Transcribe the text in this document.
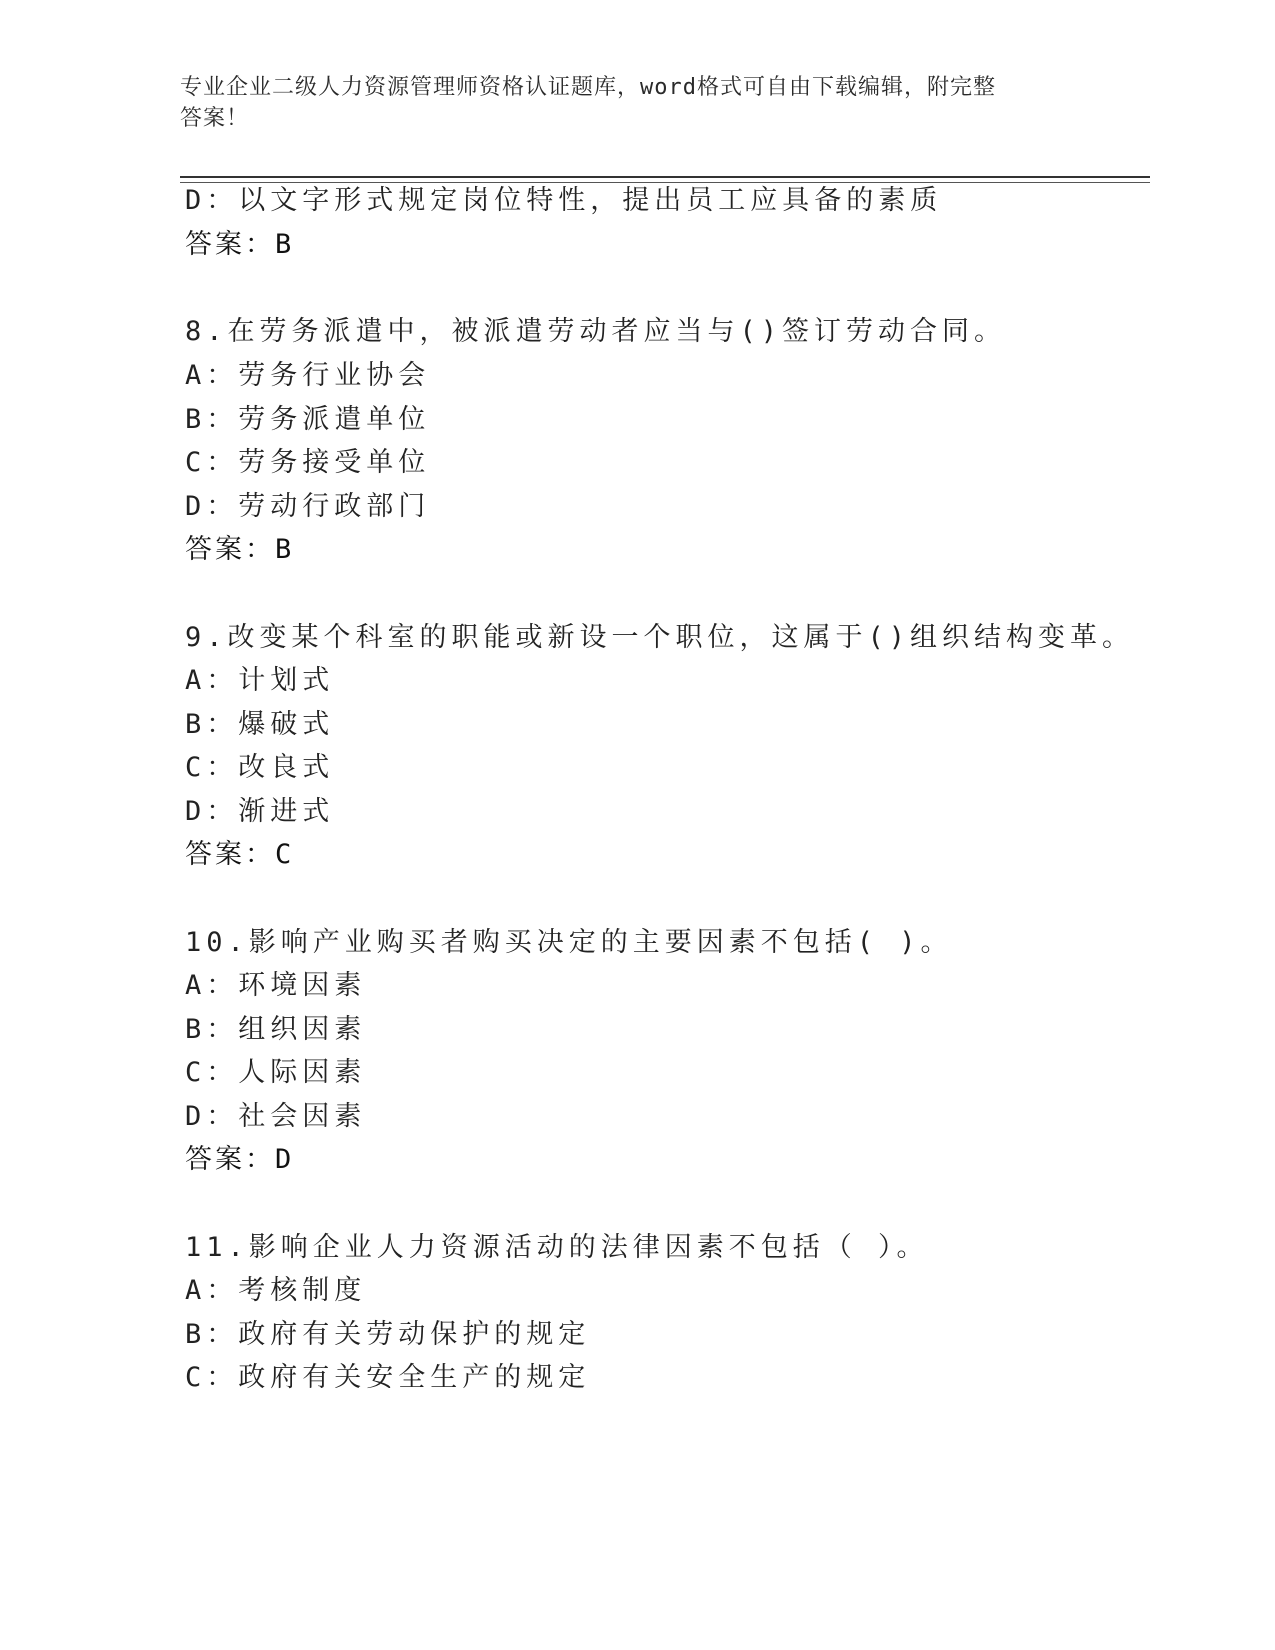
专业企业二级人力资源管理师资格认证题库，word格式可自由下载编辑，附完整
答案！
D：以文字形式规定岗位特性，提出员工应具备的素质
答案：B
8.在劳务派遣中，被派遣劳动者应当与()签订劳动合同。
A：劳务行业协会
B：劳务派遣单位
C：劳务接受单位
D：劳动行政部门
答案：B
9.改变某个科室的职能或新设一个职位，这属于()组织结构变革。
A：计划式
B：爆破式
C：改良式
D：渐进式
答案：C
10.影响产业购买者购买决定的主要因素不包括( )。
A：环境因素
B：组织因素
C：人际因素
D：社会因素
答案：D
11.影响企业人力资源活动的法律因素不包括（ ）。
A：考核制度
B：政府有关劳动保护的规定
C：政府有关安全生产的规定
